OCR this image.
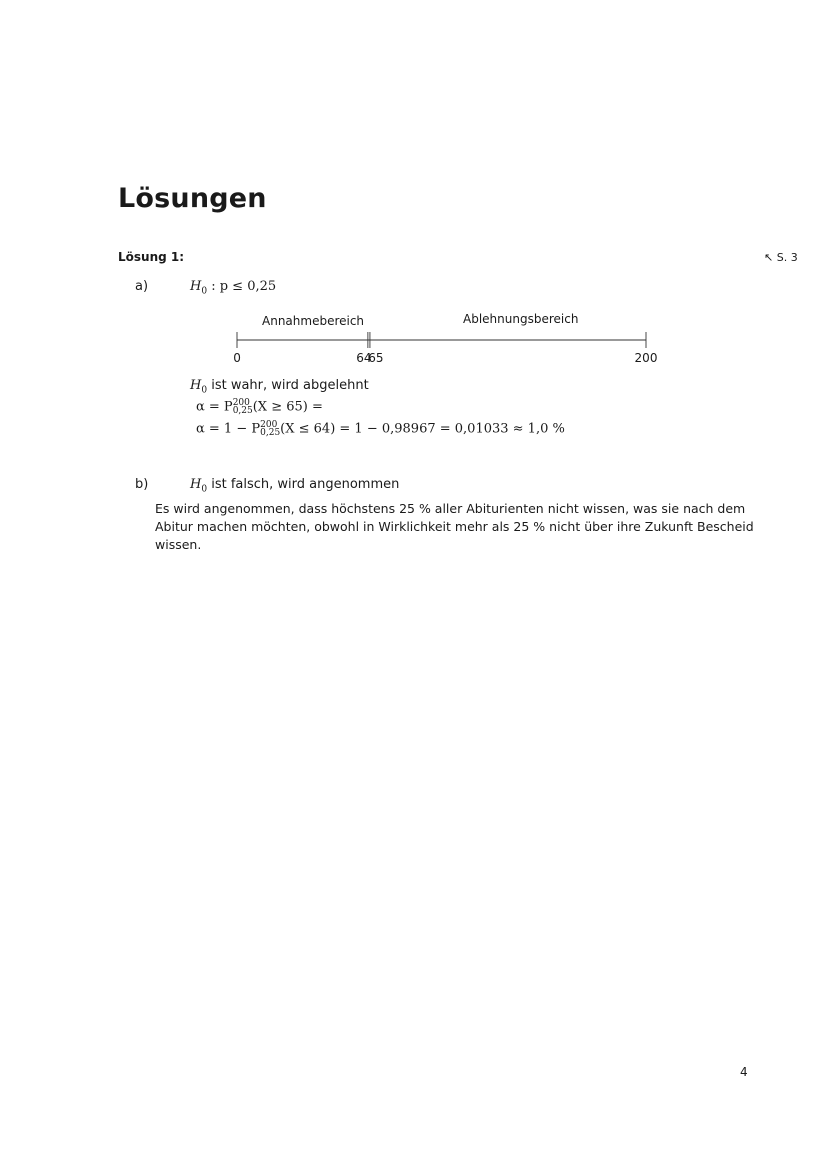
Lösungen
Lösung 1:	↖ S. 3
a)	$H_0$ : p ≤ 0,25
Annahmebereich	Ablehnungsbereich
0	64
65	200
$H_0$ ist wahr, wird abgelehnt
α = P 200
0,25 (X ≥ 65) =
α = 1 − P 200
0,25 (X ≤ 64) = 1 − 0,98967 = 0,01033 ≈ 1,0 %
b)	$H_0$ ist falsch, wird angenommen
Es wird angenommen, dass höchstens 25 % aller Abiturienten nicht wissen, was sie nach dem Abitur machen möchten, obwohl in Wirklichkeit mehr als 25 % nicht über ihre Zukunft Bescheid wissen.
4
